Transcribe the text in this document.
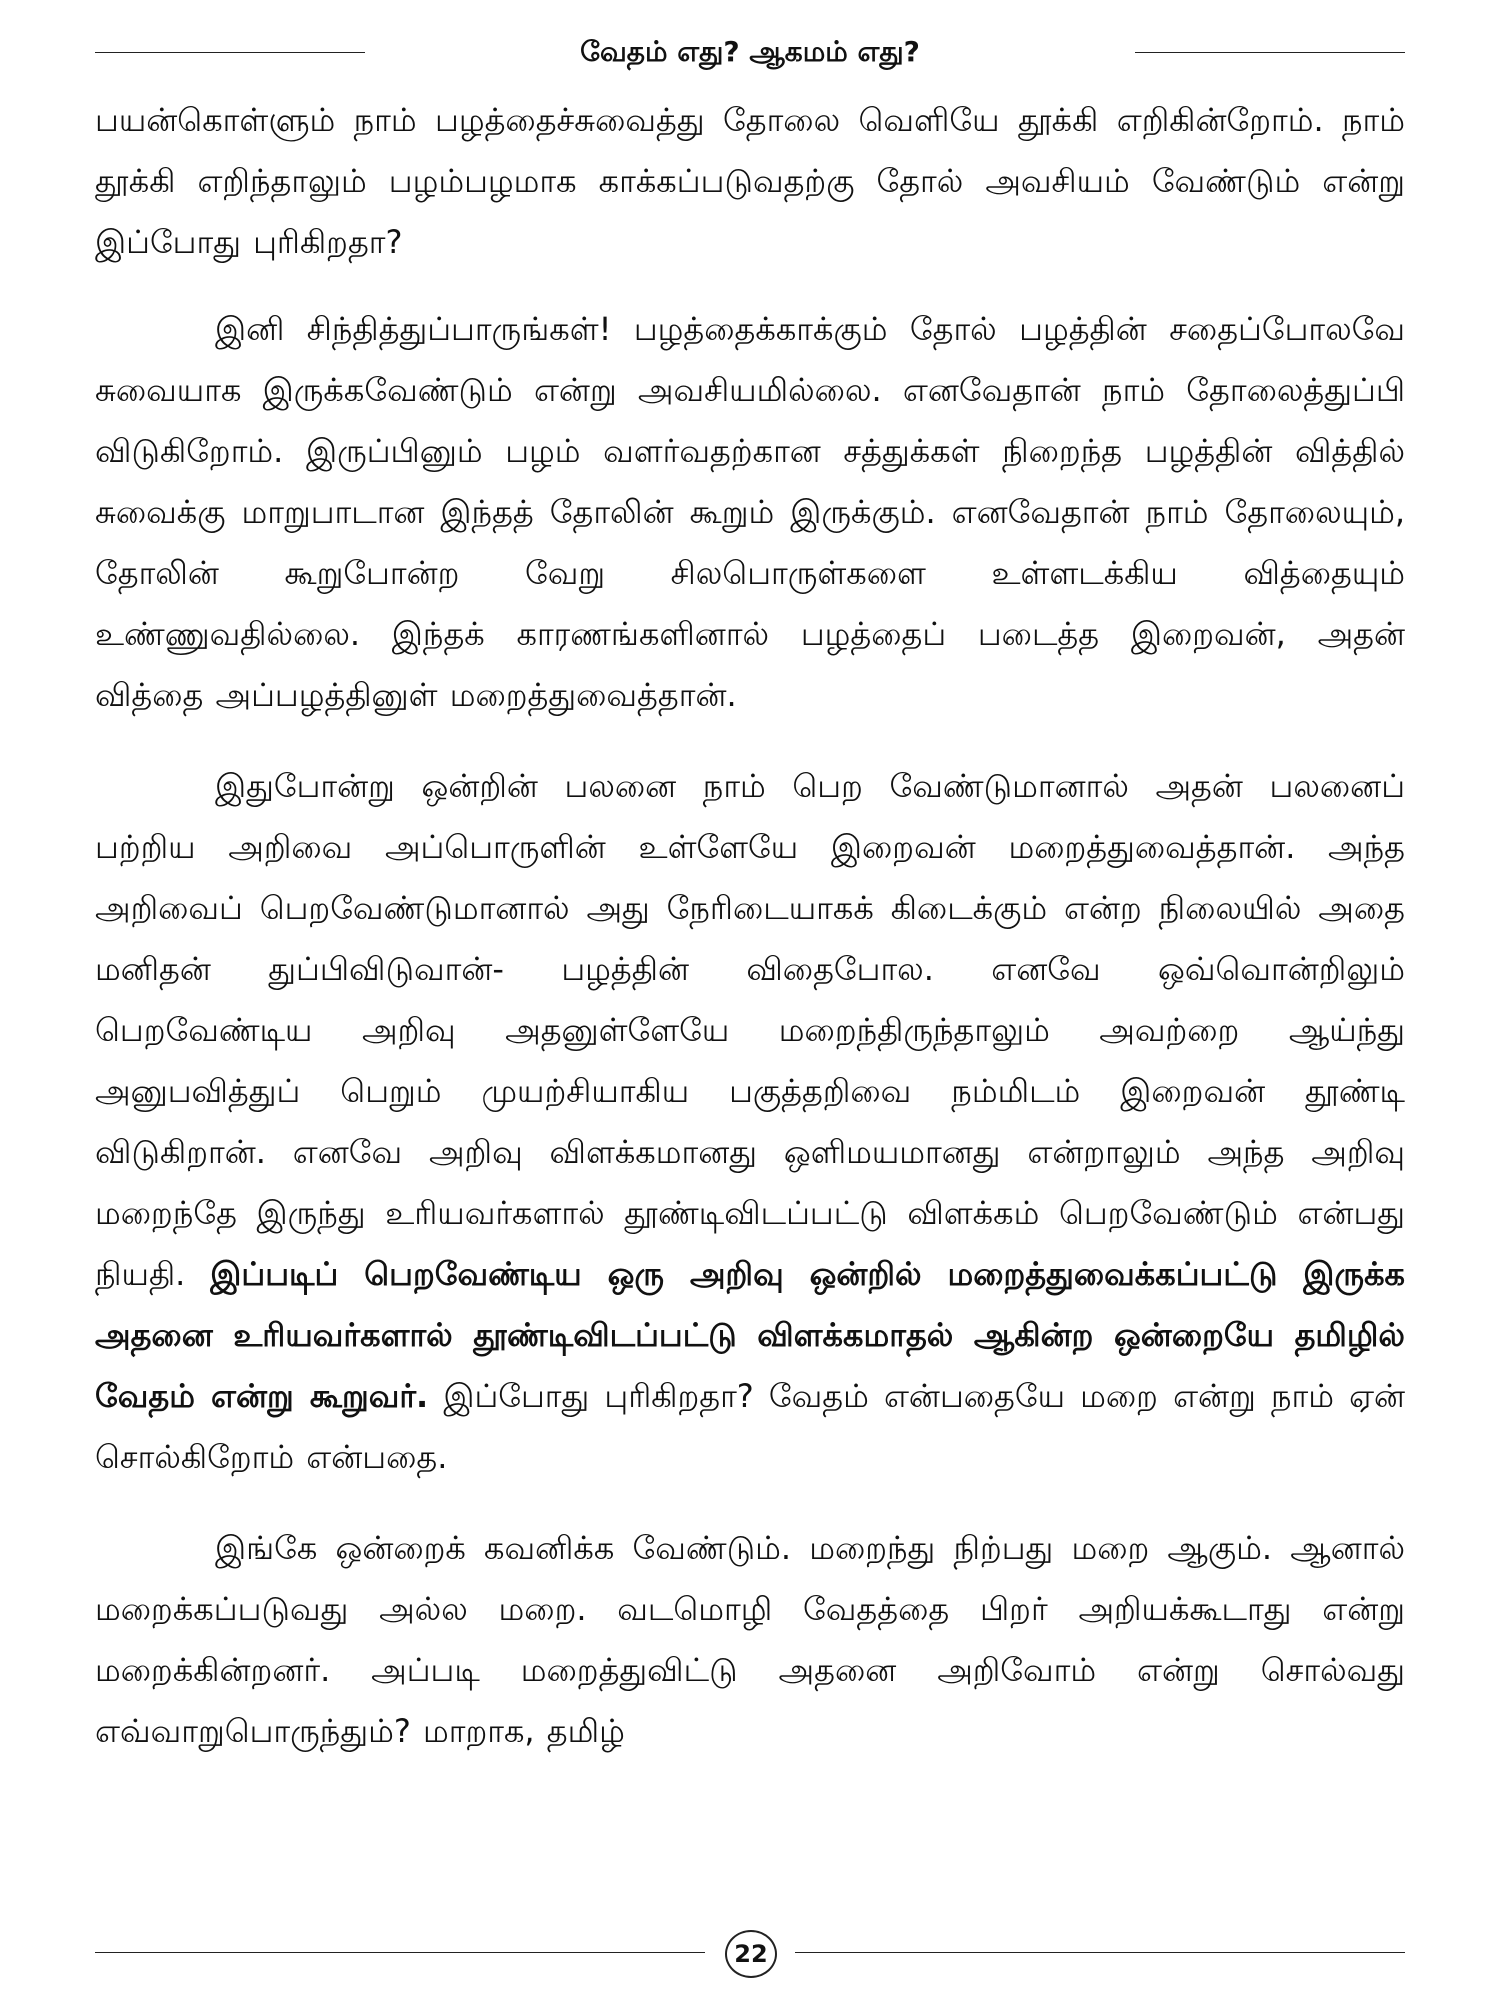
வேதம் எது? ஆகமம் எது?

பயன்கொள்ளும் நாம் பழத்தைச்சுவைத்து தோலை வெளியே தூக்கி எறிகின்றோம். நாம் தூக்கி எறிந்தாலும் பழம்பழமாக காக்கப்படுவதற்கு தோல் அவசியம் வேண்டும் என்று இப்போது புரிகிறதா?

இனி சிந்தித்துப்பாருங்கள்! பழத்தைக்காக்கும் தோல் பழத்தின் சதைப்போலவே சுவையாக இருக்கவேண்டும் என்று அவசியமில்லை. எனவேதான் நாம் தோலைத்துப்பி விடுகிறோம். இருப்பினும் பழம் வளர்வதற்கான சத்துக்கள் நிறைந்த பழத்தின் வித்தில் சுவைக்கு மாறுபாடான இந்தத் தோலின் கூறும் இருக்கும். எனவேதான் நாம் தோலையும், தோலின் கூறுபோன்ற வேறு சிலபொருள்களை உள்ளடக்கிய வித்தையும் உண்ணுவதில்லை. இந்தக் காரணங்களினால் பழத்தைப் படைத்த இறைவன், அதன் வித்தை அப்பழத்தினுள் மறைத்துவைத்தான்.

இதுபோன்று ஒன்றின் பலனை நாம் பெற வேண்டுமானால் அதன் பலனைப் பற்றிய அறிவை அப்பொருளின் உள்ளேயே இறைவன் மறைத்துவைத்தான். அந்த அறிவைப் பெறவேண்டுமானால் அது நேரிடையாகக் கிடைக்கும் என்ற நிலையில் அதை மனிதன் துப்பிவிடுவான்- பழத்தின் விதைபோல. எனவே ஒவ்வொன்றிலும் பெறவேண்டிய அறிவு அதனுள்ளேயே மறைந்திருந்தாலும் அவற்றை ஆய்ந்து அனுபவித்துப் பெறும் முயற்சியாகிய பகுத்தறிவை நம்மிடம் இறைவன் தூண்டி விடுகிறான். எனவே அறிவு விளக்கமானது ஒளிமயமானது என்றாலும் அந்த அறிவு மறைந்தே இருந்து உரியவர்களால் தூண்டிவிடப்பட்டு விளக்கம் பெறவேண்டும் என்பது நியதி. இப்படிப் பெறவேண்டிய ஒரு அறிவு ஒன்றில் மறைத்துவைக்கப்பட்டு இருக்க அதனை உரியவர்களால் தூண்டிவிடப்பட்டு விளக்கமாதல் ஆகின்ற ஒன்றையே தமிழில் வேதம் என்று கூறுவர். இப்போது புரிகிறதா? வேதம் என்பதையே மறை என்று நாம் ஏன் சொல்கிறோம் என்பதை.

இங்கே ஒன்றைக் கவனிக்க வேண்டும். மறைந்து நிற்பது மறை ஆகும். ஆனால் மறைக்கப்படுவது அல்ல மறை. வடமொழி வேதத்தை பிறர் அறியக்கூடாது என்று மறைக்கின்றனர். அப்படி மறைத்துவிட்டு அதனை அறிவோம் என்று சொல்வது எவ்வாறுபொருந்தும்? மாறாக, தமிழ்

22
